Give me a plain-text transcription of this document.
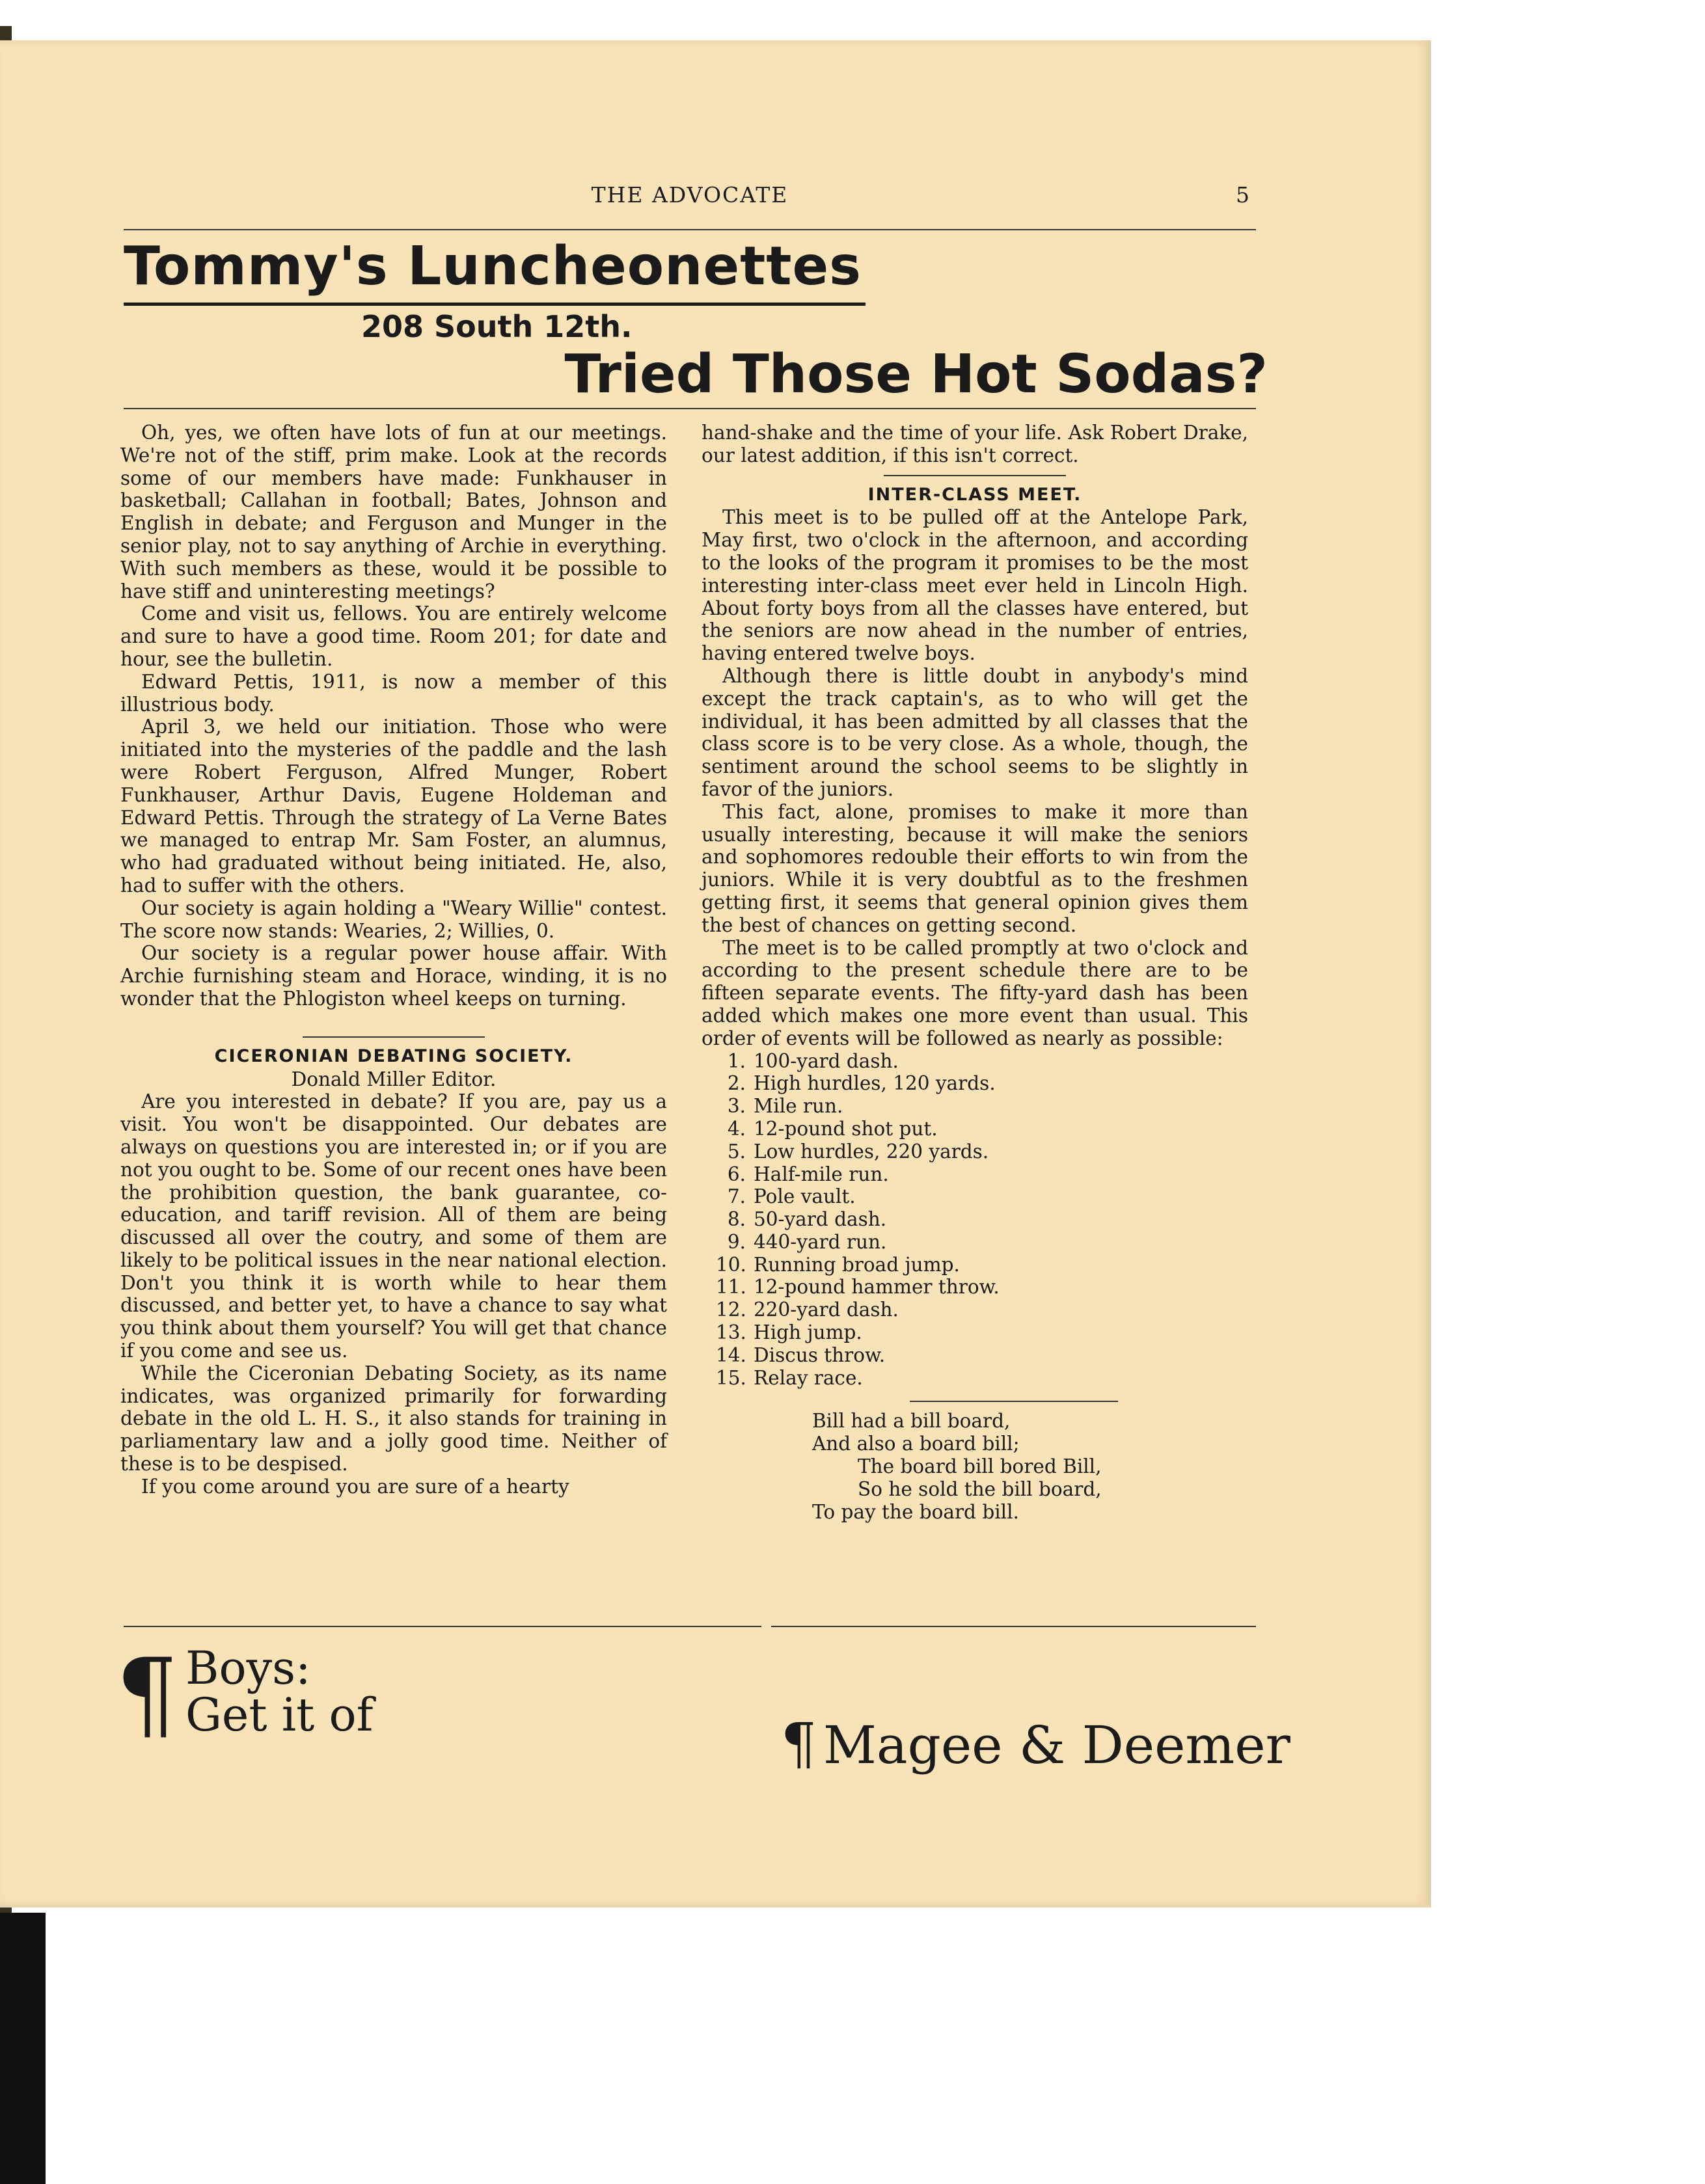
THE ADVOCATE	5
Tommy's Luncheonettes
208 South 12th.
Tried Those Hot Sodas?

Oh, yes, we often have lots of fun at our meetings. We're not of the stiff, prim make. Look at the records some of our members have made: Funkhauser in basketball; Callahan in football; Bates, Johnson and English in debate; and Ferguson and Munger in the senior play, not to say anything of Archie in everything. With such members as these, would it be possible to have stiff and uninteresting meetings?

Come and visit us, fellows. You are entirely welcome and sure to have a good time. Room 201; for date and hour, see the bulletin.

Edward Pettis, 1911, is now a member of this illustrious body.

April 3, we held our initiation. Those who were initiated into the mysteries of the paddle and the lash were Robert Ferguson, Alfred Munger, Robert Funkhauser, Arthur Davis, Eugene Holdeman and Edward Pettis. Through the strategy of La Verne Bates we managed to entrap Mr. Sam Foster, an alumnus, who had graduated without being initiated. He, also, had to suffer with the others.

Our society is again holding a "Weary Willie" contest. The score now stands: Wearies, 2; Willies, 0.

Our society is a regular power house affair. With Archie furnishing steam and Horace, winding, it is no wonder that the Phlogiston wheel keeps on turning.

CICERONIAN DEBATING SOCIETY.
Donald Miller Editor.

Are you interested in debate? If you are, pay us a visit. You won't be disappointed. Our debates are always on questions you are interested in; or if you are not you ought to be. Some of our recent ones have been the prohibition question, the bank guarantee, co-education, and tariff revision. All of them are being discussed all over the coutry, and some of them are likely to be political issues in the near national election. Don't you think it is worth while to hear them discussed, and better yet, to have a chance to say what you think about them yourself? You will get that chance if you come and see us.

While the Ciceronian Debating Society, as its name indicates, was organized primarily for forwarding debate in the old L. H. S., it also stands for training in parliamentary law and a jolly good time. Neither of these is to be despised.

If you come around you are sure of a hearty

hand-shake and the time of your life. Ask Robert Drake, our latest addition, if this isn't correct.

INTER-CLASS MEET.

This meet is to be pulled off at the Antelope Park, May first, two o'clock in the afternoon, and according to the looks of the program it promises to be the most interesting inter-class meet ever held in Lincoln High. About forty boys from all the classes have entered, but the seniors are now ahead in the number of entries, having entered twelve boys.

Although there is little doubt in anybody's mind except the track captain's, as to who will get the individual, it has been admitted by all classes that the class score is to be very close. As a whole, though, the sentiment around the school seems to be slightly in favor of the juniors.

This fact, alone, promises to make it more than usually interesting, because it will make the seniors and sophomores redouble their efforts to win from the juniors. While it is very doubtful as to the freshmen getting first, it seems that general opinion gives them the best of chances on getting second.

The meet is to be called promptly at two o'clock and according to the present schedule there are to be fifteen separate events. The fifty-yard dash has been added which makes one more event than usual. This order of events will be followed as nearly as possible:

1. 100-yard dash.
2. High hurdles, 120 yards.
3. Mile run.
4. 12-pound shot put.
5. Low hurdles, 220 yards.
6. Half-mile run.
7. Pole vault.
8. 50-yard dash.
9. 440-yard run.
10. Running broad jump.
11. 12-pound hammer throw.
12. 220-yard dash.
13. High jump.
14. Discus throw.
15. Relay race.
Bill had a bill board,
And also a board bill;
The board bill bored Bill,
So he sold the bill board,
To pay the board bill.
¶ Boys:
Get it of	¶ Magee & Deemer
